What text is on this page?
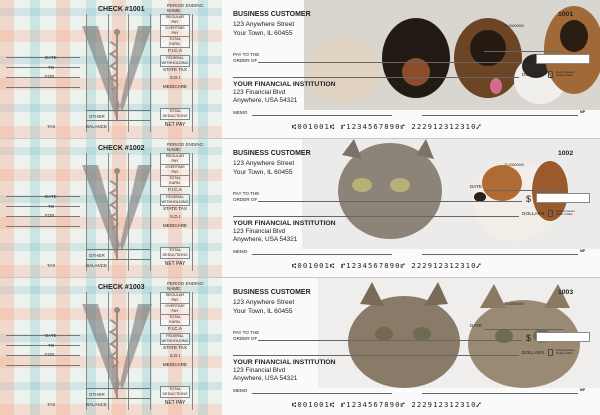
CHECK # 1001
DATE
TO
FOR
TAX
OTHER
BALANCE
PERIOD ENDING:
NAME:
REGULAR
PAY
OVERTIME
PAY
TOTAL
EARN.
F.I.C.A
FEDERAL
WITHHOLDING
STATE TAX
S.D.I
MEDICARE
TOTAL
DEDUCTIONS
NET PAY
BUSINESS CUSTOMER
123 Anywhere Street
Your Town, IL 60455
1001
70-00000000
DATE
PAY TO THE
ORDER OF	$
DOLLARS
Security Features Details on Back
YOUR FINANCIAL INSTITUTION
123 Financial Blvd
Anywhere, USA 54321
MEMO	MP
⑆001001⑆ ⑈1234567890⑈ 222912312310⑇
CHECK # 1002
DATE
TO
FOR
TAX
OTHER
BALANCE
PERIOD ENDING:
NAME:
REGULAR
PAY
OVERTIME
PAY
TOTAL
EARN.
F.I.C.A
FEDERAL
WITHHOLDING
STATE TAX
S.D.I
MEDICARE
TOTAL
DEDUCTIONS
NET PAY
BUSINESS CUSTOMER
123 Anywhere Street
Your Town, IL 60455
1002
70-00000000
DATE
PAY TO THE
ORDER OF	$
DOLLARS
Security Features Details on Back
YOUR FINANCIAL INSTITUTION
123 Financial Blvd
Anywhere, USA 54321
MEMO	MP
⑆001001⑆ ⑈1234567890⑈ 222912312310⑇
CHECK # 1003
DATE
TO
FOR
TAX
OTHER
BALANCE
PERIOD ENDING:
NAME:
REGULAR
PAY
OVERTIME
PAY
TOTAL
EARN.
F.I.C.A
FEDERAL
WITHHOLDING
STATE TAX
S.D.I
MEDICARE
TOTAL
DEDUCTIONS
NET PAY
BUSINESS CUSTOMER
123 Anywhere Street
Your Town, IL 60455
1003
70-00000000
DATE
PAY TO THE
ORDER OF	$
DOLLARS
Security Features Details on Back
YOUR FINANCIAL INSTITUTION
123 Financial Blvd
Anywhere, USA 54321
MEMO	MP
⑆001001⑆ ⑈1234567890⑈ 222912312310⑇
